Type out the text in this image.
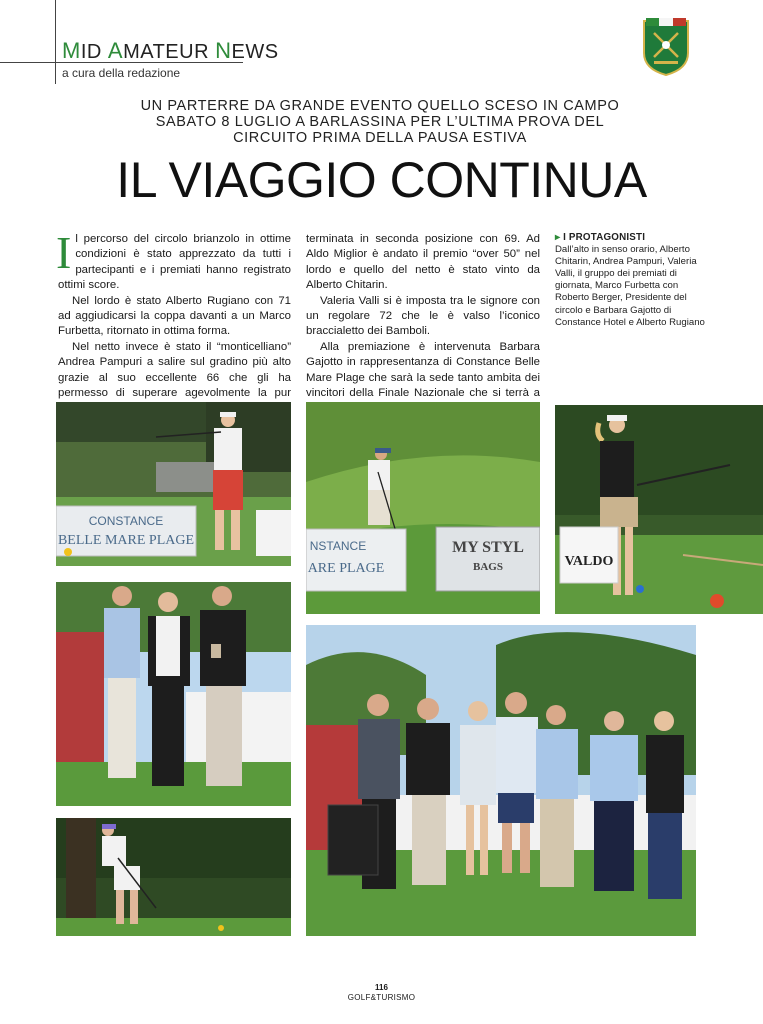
MID AMATEUR NEWS
a cura della redazione
UN PARTERRE DA GRANDE EVENTO QUELLO SCESO IN CAMPO SABATO 8 LUGLIO A BARLASSINA PER L’ULTIMA PROVA DEL CIRCUITO PRIMA DELLA PAUSA ESTIVA
IL VIAGGIO CONTINUA

Il percorso del circolo brianzolo in ottime condizioni è stato apprezzato da tutti i partecipanti e i premiati hanno registrato ottimi score.

Nel lordo è stato Alberto Rugiano con 71 ad aggiudicarsi la coppa davanti a un Marco Furbetta, ritornato in ottima forma.

Nel netto invece è stato il “monticelliano” Andrea Pampuri a salire sul gradino più alto grazie al suo eccellente 66 che gli ha permesso di superare agevolmente la pur

terminata in seconda posizione con 69. Ad Aldo Miglior è andato il premio “over 50” nel lordo e quello del netto è stato vinto da Alberto Chitarin.

Valeria Valli si è imposta tra le signore con un regolare 72 che le è valso l’iconico braccialetto dei Bamboli.

Alla premiazione è intervenuta Barbara Gajotto in rappresentanza di Constance Belle Mare Plage che sarà la sede tanto ambita dei vincitori della Finale Nazionale che si terrà a

▸ I PROTAGONISTI
Dall’alto in senso orario, Alberto Chitarin, Andrea Pampuri, Valeria Valli, il gruppo dei premiati di giornata, Marco Furbetta con Roberto Berger, Presidente del circolo e Barbara Gajotto di Constance Hotel e Alberto Rugiano
CONSTANCE
BELLE MARE PLAGE	NSTANCE
ARE PLAGE
MY STYL
BAGS	VALDO
116
GOLF&TURISMO
